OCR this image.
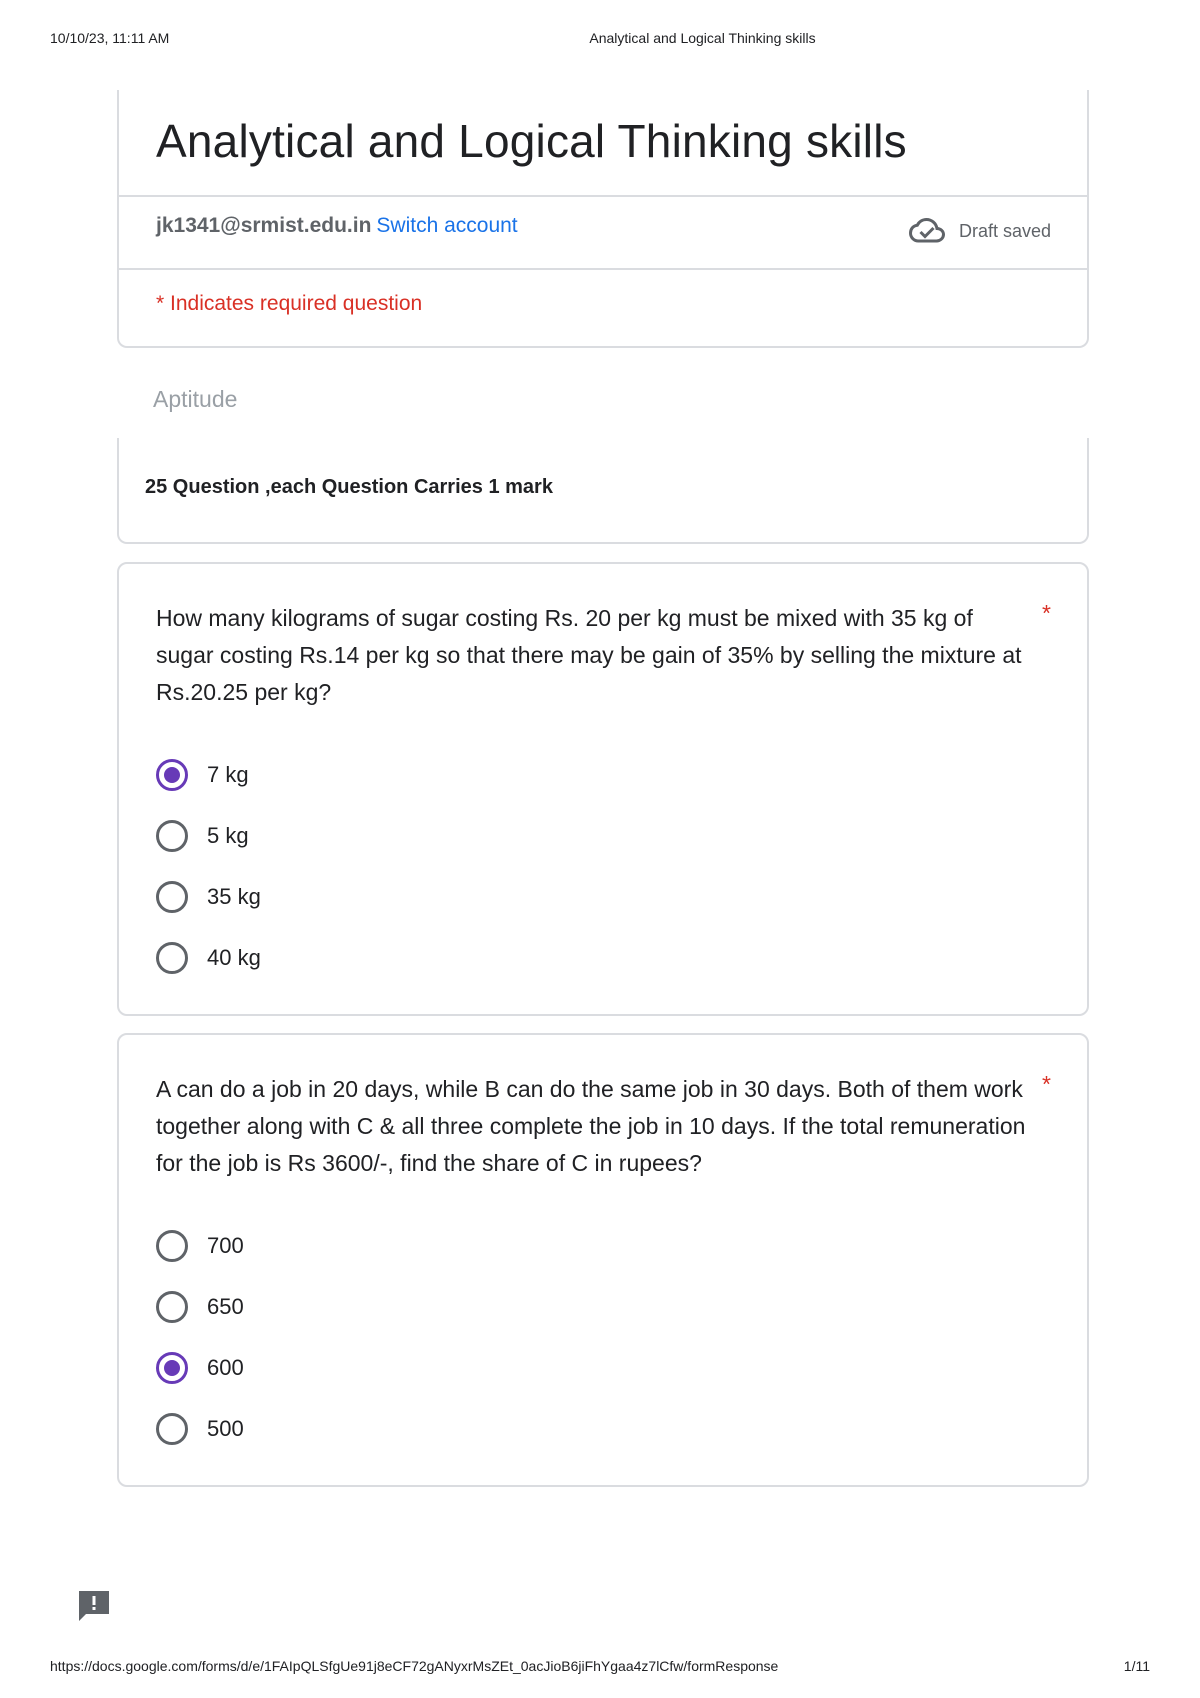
10/10/23, 11:11 AM	Analytical and Logical Thinking skills
Analytical and Logical Thinking skills
jk1341@srmist.edu.in Switch account	Draft saved
* Indicates required question
Aptitude
25 Question ,each Question Carries 1 mark
How many kilograms of sugar costing Rs. 20 per kg must be mixed with 35 kg of sugar costing Rs.14 per kg so that there may be gain of 35% by selling the mixture at Rs.20.25 per kg?
*
7 kg
5 kg
35 kg
40 kg
A can do a job in 20 days, while B can do the same job in 30 days. Both of them work together along with C & all three complete the job in 10 days. If the total remuneration for the job is Rs 3600/-, find the share of C in rupees?
*
700
650
600
500
https://docs.google.com/forms/d/e/1FAIpQLSfgUe91j8eCF72gANyxrMsZEt_0acJioB6jiFhYgaa4z7lCfw/formResponse	1/11
